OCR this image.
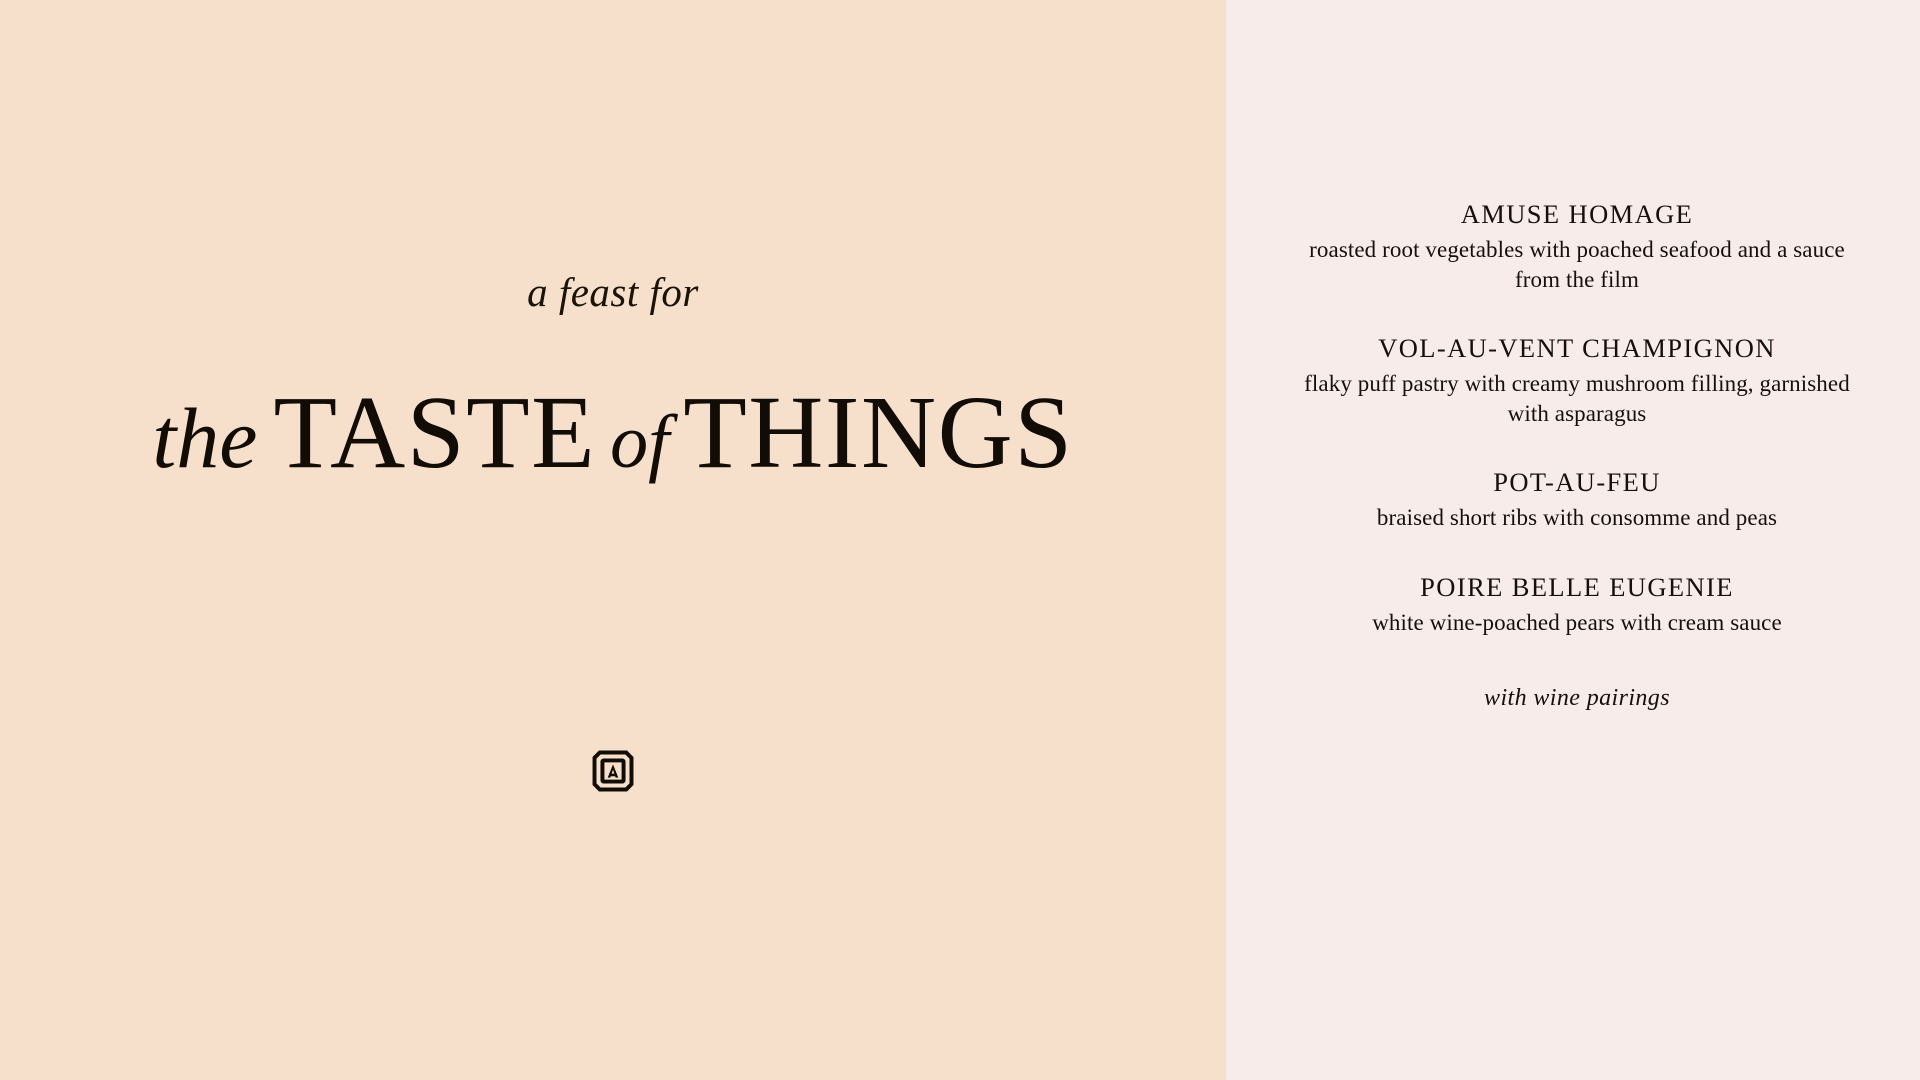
a feast for
the TASTE of THINGS
AMUSE HOMAGE
roasted root vegetables with poached seafood and a sauce from the film
VOL-AU-VENT CHAMPIGNON
flaky puff pastry with creamy mushroom filling, garnished with asparagus
POT-AU-FEU
braised short ribs with consomme and peas
POIRE BELLE EUGENIE
white wine-poached pears with cream sauce
with wine pairings
